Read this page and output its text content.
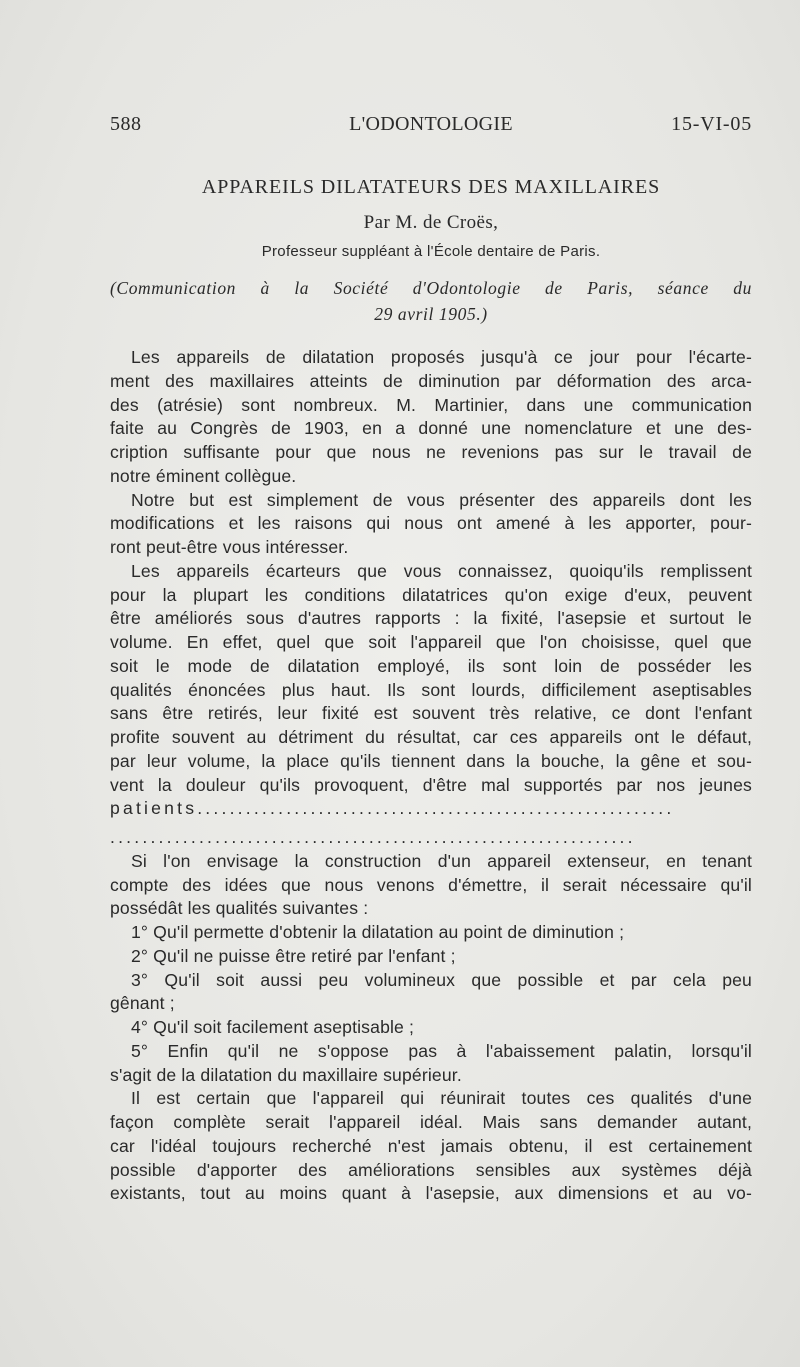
588	L'ODONTOLOGIE	15-VI-05
APPAREILS DILATATEURS DES MAXILLAIRES
Par M. de Croës,
Professeur suppléant à l'École dentaire de Paris.
(Communication à la Société d'Odontologie de Paris, séance du
29 avril 1905.)
Les appareils de dilatation proposés jusqu'à ce jour pour l'écarte-
ment des maxillaires atteints de diminution par déformation des arca-
des (atrésie) sont nombreux. M. Martinier, dans une communication
faite au Congrès de 1903, en a donné une nomenclature et une des-
cription suffisante pour que nous ne revenions pas sur le travail de
notre éminent collègue.
Notre but est simplement de vous présenter des appareils dont les
modifications et les raisons qui nous ont amené à les apporter, pour-
ront peut-être vous intéresser.
Les appareils écarteurs que vous connaissez, quoiqu'ils remplissent
pour la plupart les conditions dilatatrices qu'on exige d'eux, peuvent
être améliorés sous d'autres rapports : la fixité, l'asepsie et surtout le
volume. En effet, quel que soit l'appareil que l'on choisisse, quel que
soit le mode de dilatation employé, ils sont loin de posséder les
qualités énoncées plus haut. Ils sont lourds, difficilement aseptisables
sans être retirés, leur fixité est souvent très relative, ce dont l'enfant
profite souvent au détriment du résultat, car ces appareils ont le défaut,
par leur volume, la place qu'ils tiennent dans la bouche, la gêne et sou-
vent la douleur qu'ils provoquent, d'être mal supportés par nos jeunes
patients...........................................................
.................................................................
Si l'on envisage la construction d'un appareil extenseur, en tenant
compte des idées que nous venons d'émettre, il serait nécessaire qu'il
possédât les qualités suivantes :
1° Qu'il permette d'obtenir la dilatation au point de diminution ;
2° Qu'il ne puisse être retiré par l'enfant ;
3° Qu'il soit aussi peu volumineux que possible et par cela peu
gênant ;
4° Qu'il soit facilement aseptisable ;
5° Enfin qu'il ne s'oppose pas à l'abaissement palatin, lorsqu'il
s'agit de la dilatation du maxillaire supérieur.
Il est certain que l'appareil qui réunirait toutes ces qualités d'une
façon complète serait l'appareil idéal. Mais sans demander autant,
car l'idéal toujours recherché n'est jamais obtenu, il est certainement
possible d'apporter des améliorations sensibles aux systèmes déjà
existants, tout au moins quant à l'asepsie, aux dimensions et au vo-
